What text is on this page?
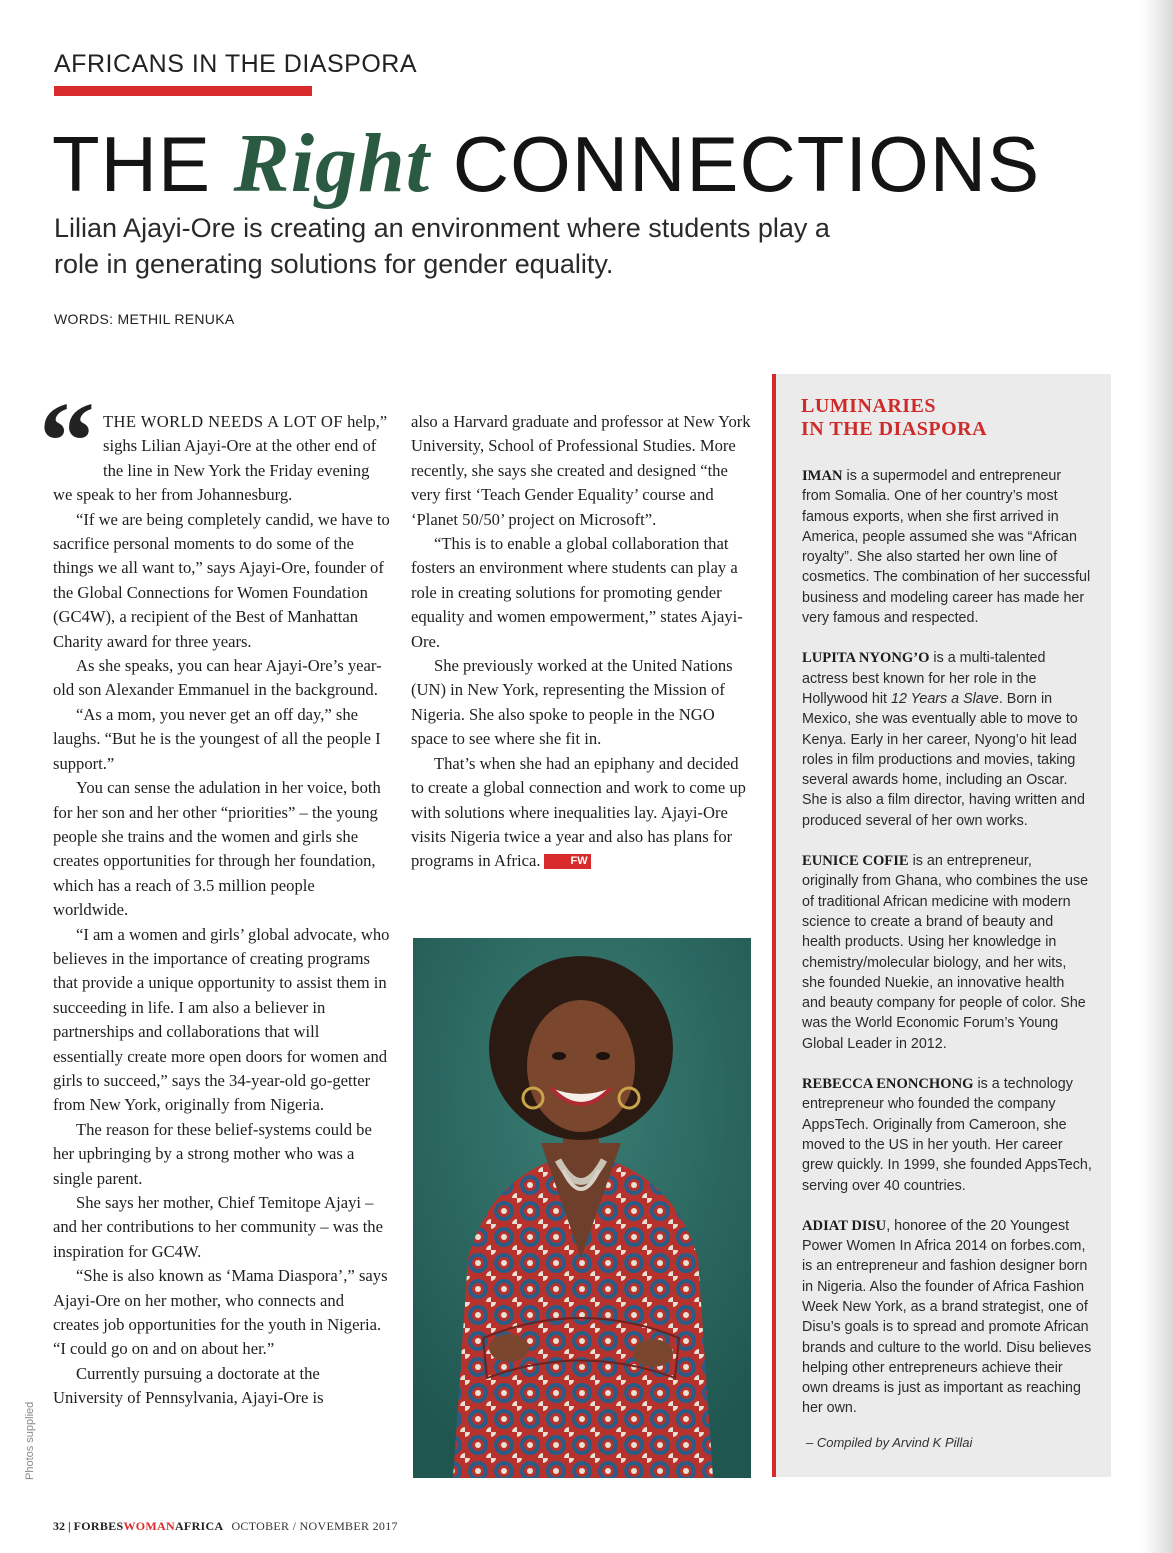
AFRICANS IN THE DIASPORA
THE Right CONNECTIONS
Lilian Ajayi-Ore is creating an environment where students play a role in generating solutions for gender equality.
WORDS: METHIL RENUKA

“ THE WORLD NEEDS A LOT OF help,” sighs Lilian Ajayi-Ore at the other end of the line in New York the Friday evening we speak to her from Johannesburg.

“If we are being completely candid, we have to sacrifice personal moments to do some of the things we all want to,” says Ajayi-Ore, founder of the Global Connections for Women Foundation (GC4W), a recipient of the Best of Manhattan Charity award for three years.

As she speaks, you can hear Ajayi-Ore’s year-old son Alexander Emmanuel in the background.

“As a mom, you never get an off day,” she laughs. “But he is the youngest of all the people I support.”

You can sense the adulation in her voice, both for her son and her other “priorities” – the young people she trains and the women and girls she creates opportunities for through her foundation, which has a reach of 3.5 million people worldwide.

“I am a women and girls’ global advocate, who believes in the importance of creating programs that provide a unique opportunity to assist them in succeeding in life. I am also a believer in partnerships and collaborations that will essentially create more open doors for women and girls to succeed,” says the 34-year-old go-getter from New York, originally from Nigeria.

The reason for these belief-systems could be her upbringing by a strong mother who was a single parent.

She says her mother, Chief Temitope Ajayi – and her contributions to her community – was the inspiration for GC4W.

“She is also known as ‘Mama Diaspora’,” says Ajayi-Ore on her mother, who connects and creates job opportunities for the youth in Nigeria. “I could go on and on about her.”

Currently pursuing a doctorate at the University of Pennsylvania, Ajayi-Ore is

also a Harvard graduate and professor at New York University, School of Professional Studies. More recently, she says she created and designed “the very first ‘Teach Gender Equality’ course and ‘Planet 50/50’ project on Microsoft”.

“This is to enable a global collaboration that fosters an environment where students can play a role in creating solutions for promoting gender equality and women empowerment,” states Ajayi-Ore.

She previously worked at the United Nations (UN) in New York, representing the Mission of Nigeria. She also spoke to people in the NGO space to see where she fit in.

That’s when she had an epiphany and decided to create a global connection and work to come up with solutions where inequalities lay. Ajayi-Ore visits Nigeria twice a year and also has plans for programs in Africa.	FW

LUMINARIES
IN THE DIASPORA

IMAN is a supermodel and entrepreneur from Somalia. One of her country’s most famous exports, when she first arrived in America, people assumed she was “African royalty”. She also started her own line of cosmetics. The combination of her successful business and modeling career has made her very famous and respected.

LUPITA NYONG’O is a multi-talented actress best known for her role in the Hollywood hit 12 Years a Slave. Born in Mexico, she was eventually able to move to Kenya. Early in her career, Nyong’o hit lead roles in film productions and movies, taking several awards home, including an Oscar. She is also a film director, having written and produced several of her own works.

EUNICE COFIE is an entrepreneur, originally from Ghana, who combines the use of traditional African medicine with modern science to create a brand of beauty and health products. Using her knowledge in chemistry/molecular biology, and her wits, she founded Nuekie, an innovative health and beauty company for people of color. She was the World Economic Forum’s Young Global Leader in 2012.

REBECCA ENONCHONG is a technology entrepreneur who founded the company AppsTech. Originally from Cameroon, she moved to the US in her youth. Her career grew quickly. In 1999, she founded AppsTech, serving over 40 countries.

ADIAT DISU, honoree of the 20 Youngest Power Women In Africa 2014 on forbes.com, is an entrepreneur and fashion designer born in Nigeria. Also the founder of Africa Fashion Week New York, as a brand strategist, one of Disu’s goals is to spread and promote African brands and culture to the world. Disu believes helping other entrepreneurs achieve their own dreams is just as important as reaching her own.

– Compiled by Arvind K Pillai
Photos supplied
32 | FORBESWOMANAFRICA OCTOBER / NOVEMBER 2017
